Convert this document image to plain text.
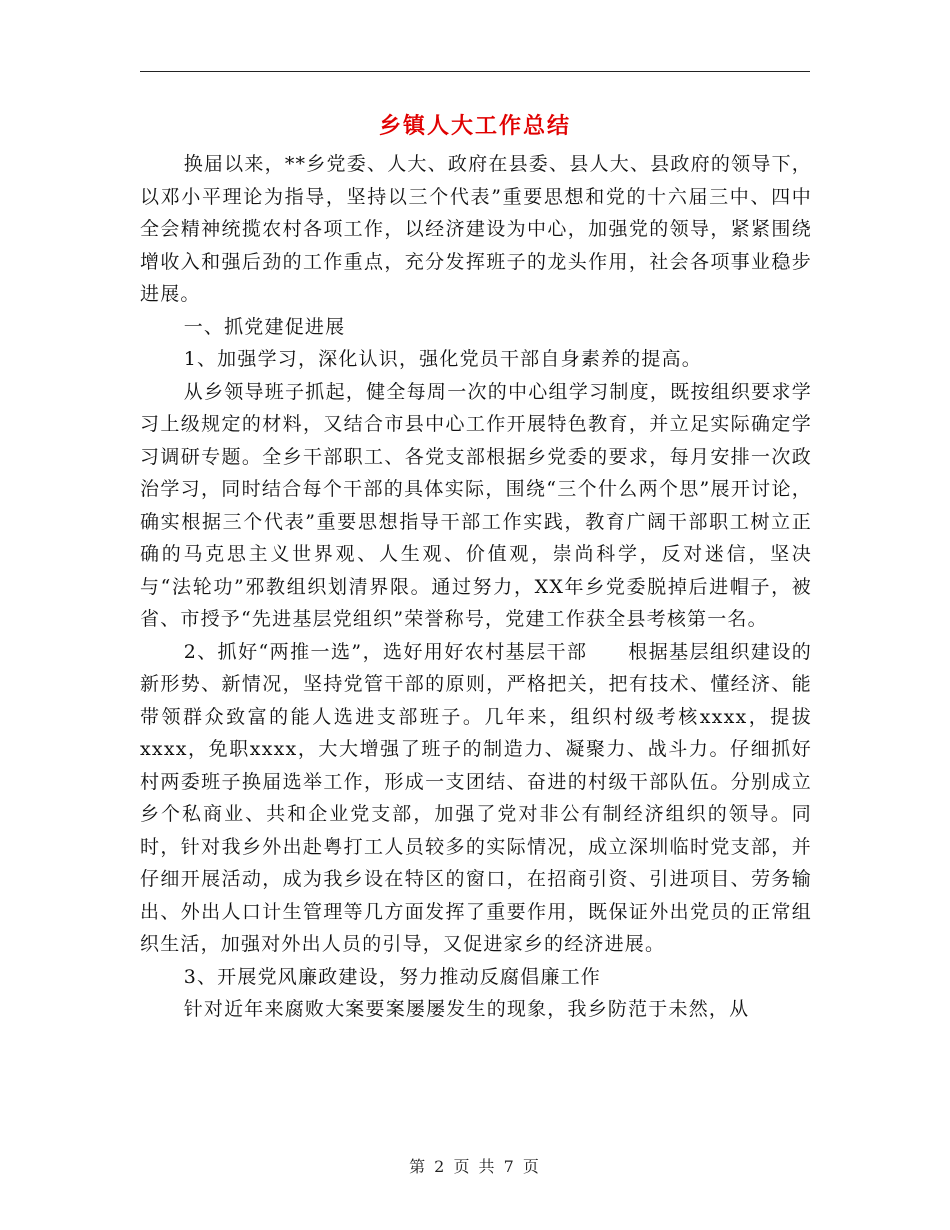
乡镇人大工作总结

换届以来，**乡党委、人大、政府在县委、县人大、县政府的领导下，以邓小平理论为指导，坚持以三个代表”重要思想和党的十六届三中、四中全会精神统揽农村各项工作，以经济建设为中心，加强党的领导，紧紧围绕增收入和强后劲的工作重点，充分发挥班子的龙头作用，社会各项事业稳步进展。

一、抓党建促进展

1、加强学习，深化认识，强化党员干部自身素养的提高。

从乡领导班子抓起，健全每周一次的中心组学习制度，既按组织要求学习上级规定的材料，又结合市县中心工作开展特色教育，并立足实际确定学习调研专题。全乡干部职工、各党支部根据乡党委的要求，每月安排一次政治学习，同时结合每个干部的具体实际，围绕“三个什么两个思”展开讨论，确实根据三个代表”重要思想指导干部工作实践，教育广阔干部职工树立正确的马克思主义世界观、人生观、价值观，崇尚科学，反对迷信，坚决与“法轮功”邪教组织划清界限。通过努力，XX年乡党委脱掉后进帽子，被省、市授予“先进基层党组织”荣誉称号，党建工作获全县考核第一名。

2、抓好“两推一选”，选好用好农村基层干部　　根据基层组织建设的新形势、新情况，坚持党管干部的原则，严格把关，把有技术、懂经济、能带领群众致富的能人选进支部班子。几年来，组织村级考核xxxx，提拔xxxx，免职xxxx，大大增强了班子的制造力、凝聚力、战斗力。仔细抓好村两委班子换届选举工作，形成一支团结、奋进的村级干部队伍。分别成立乡个私商业、共和企业党支部，加强了党对非公有制经济组织的领导。同时，针对我乡外出赴粤打工人员较多的实际情况，成立深圳临时党支部，并仔细开展活动，成为我乡设在特区的窗口，在招商引资、引进项目、劳务输出、外出人口计生管理等几方面发挥了重要作用，既保证外出党员的正常组织生活，加强对外出人员的引导，又促进家乡的经济进展。

3、开展党风廉政建设，努力推动反腐倡廉工作

针对近年来腐败大案要案屡屡发生的现象，我乡防范于未然，从

第 2 页 共 7 页
